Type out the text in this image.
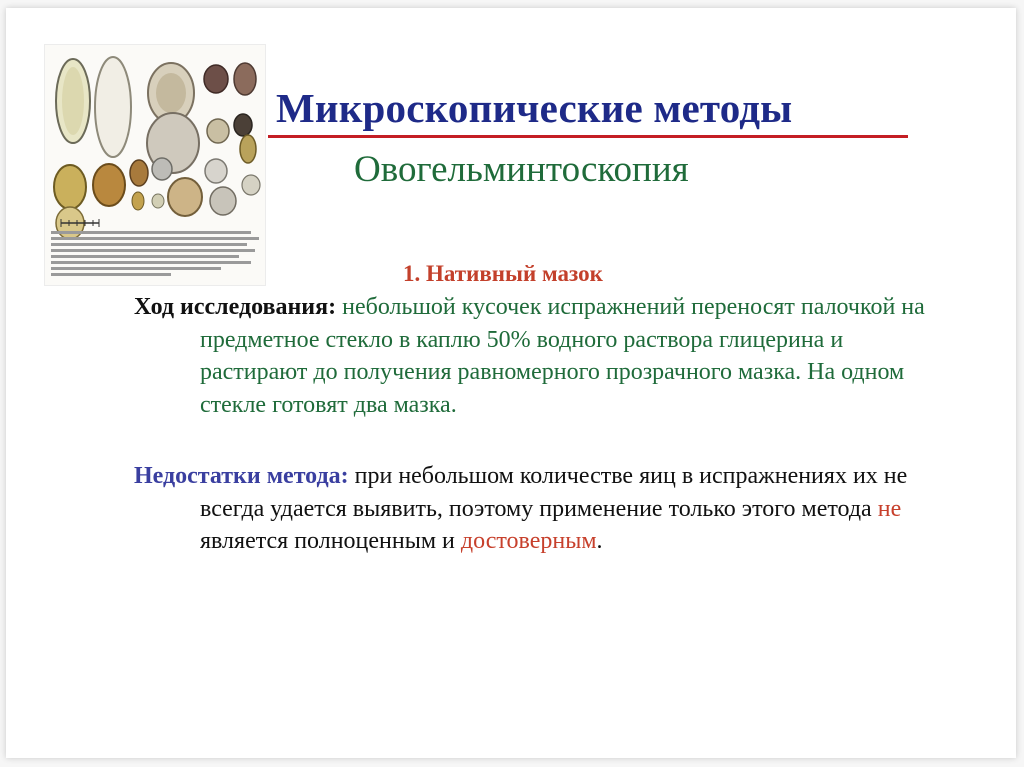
Микроскопические методы
Овогельминтоскопия
1. Нативный мазок
Ход исследования: небольшой кусочек испражнений переносят палочкой на предметное стекло в каплю 50% водного раствора глицерина и растирают до получения равномерного прозрачного мазка. На одном стекле готовят два мазка.
Недостатки метода: при небольшом количестве яиц в испражнениях их не всегда удается выявить, поэтому применение только этого метода не является полноценным и достоверным.
